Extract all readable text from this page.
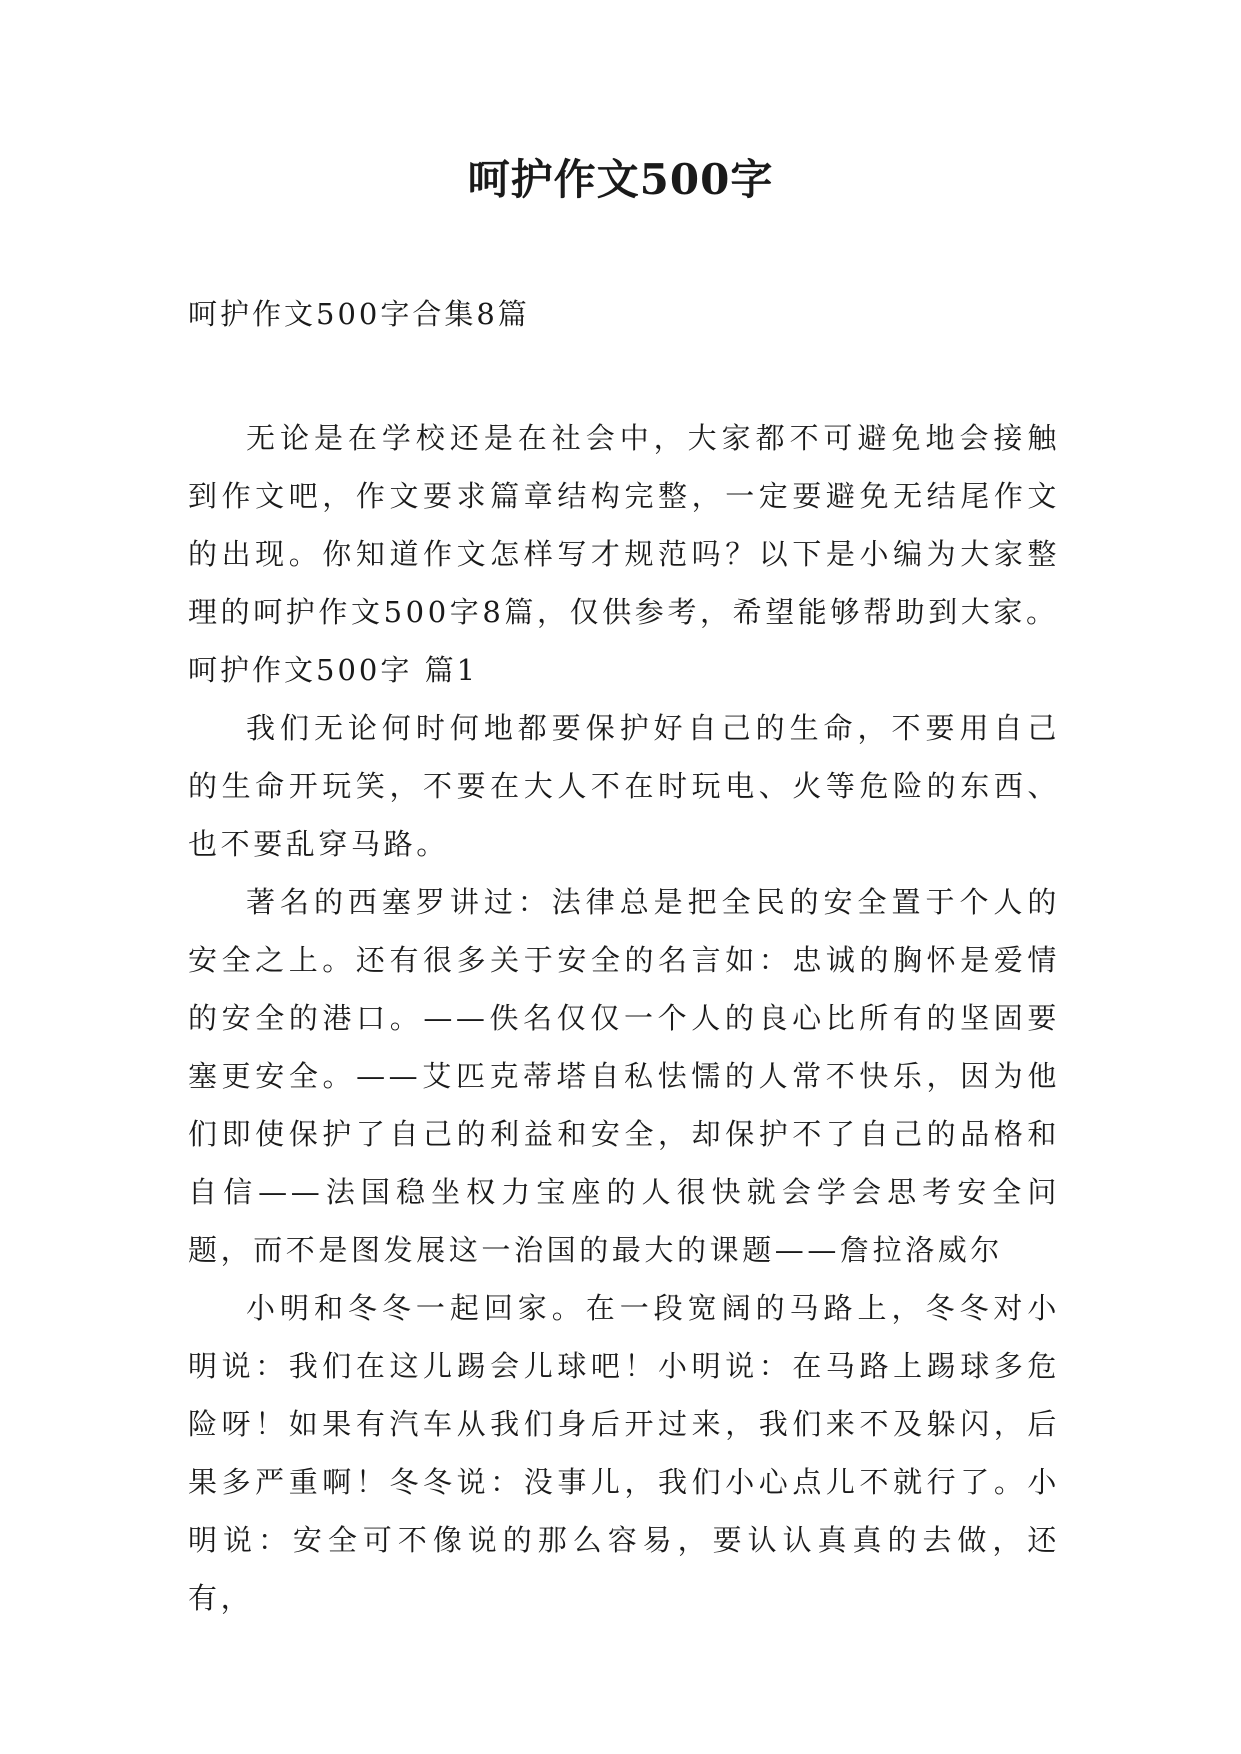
呵护作文500字

呵护作文500字合集8篇

无论是在学校还是在社会中，大家都不可避免地会接触到作文吧，作文要求篇章结构完整，一定要避免无结尾作文的出现。你知道作文怎样写才规范吗？以下是小编为大家整理的呵护作文500字8篇，仅供参考，希望能够帮助到大家。

呵护作文500字 篇1

我们无论何时何地都要保护好自己的生命，不要用自己的生命开玩笑，不要在大人不在时玩电、火等危险的东西、也不要乱穿马路。

著名的西塞罗讲过：法律总是把全民的安全置于个人的安全之上。还有很多关于安全的名言如：忠诚的胸怀是爱情的安全的港口。——佚名仅仅一个人的良心比所有的坚固要塞更安全。——艾匹克蒂塔自私怯懦的人常不快乐，因为他们即使保护了自己的利益和安全，却保护不了自己的品格和自信——法国稳坐权力宝座的人很快就会学会思考安全问题，而不是图发展这一治国的最大的课题——詹拉洛威尔

小明和冬冬一起回家。在一段宽阔的马路上，冬冬对小明说：我们在这儿踢会儿球吧！小明说：在马路上踢球多危险呀！如果有汽车从我们身后开过来，我们来不及躲闪，后果多严重啊！冬冬说：没事儿，我们小心点儿不就行了。小明说：安全可不像说的那么容易，要认认真真的去做，还有，
